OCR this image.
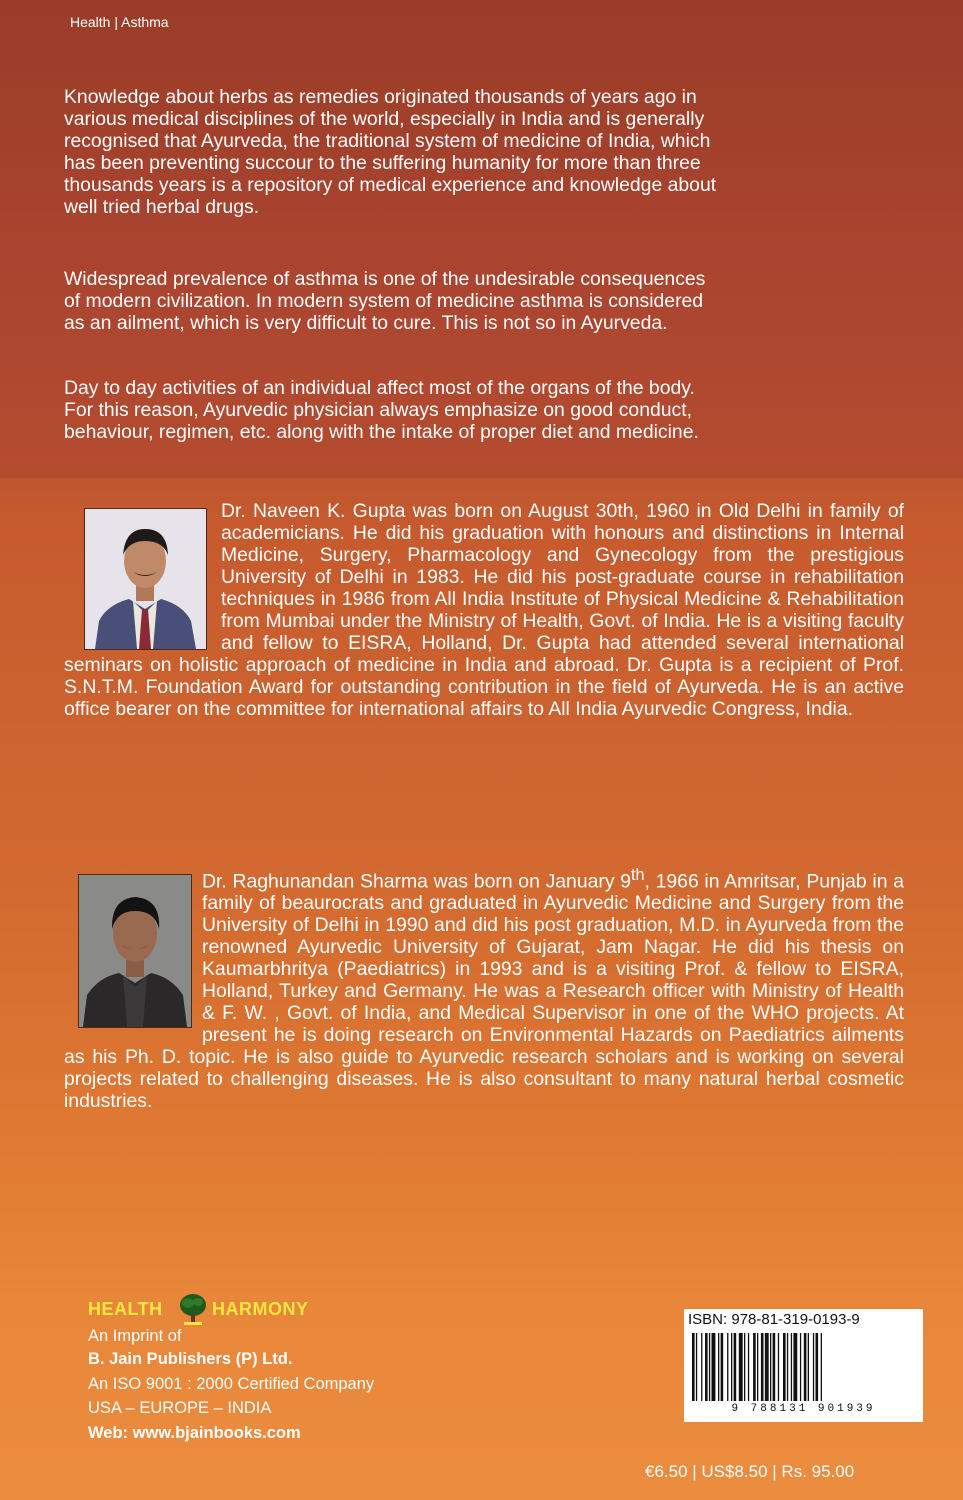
Health | Asthma
Knowledge about herbs as remedies originated thousands of years ago in
various medical disciplines of the world, especially in India and is generally
recognised that Ayurveda, the traditional system of medicine of India, which
has been preventing succour to the suffering humanity for more than three
thousands years is a repository of medical experience and knowledge about
well tried herbal drugs.
Widespread prevalence of asthma is one of the undesirable consequences
of modern civilization. In modern system of medicine asthma is considered
as an ailment, which is very difficult to cure. This is not so in Ayurveda.
Day to day activities of an individual affect most of the organs of the body.
For this reason, Ayurvedic physician always emphasize on good conduct,
behaviour, regimen, etc. along with the intake of proper diet and medicine.
Dr. Naveen K. Gupta was born on August 30th, 1960 in Old Delhi in family of academicians. He did his graduation with honours and distinctions in Internal Medicine, Surgery, Pharmacology and Gynecology from the prestigious University of Delhi in 1983. He did his post-graduate course in rehabilitation techniques in 1986 from All India Institute of Physical Medicine & Rehabilitation from Mumbai under the Ministry of Health, Govt. of India. He is a visiting faculty and fellow to EISRA, Holland, Dr. Gupta had attended several international seminars on holistic approach of medicine in India and abroad. Dr. Gupta is a recipient of Prof. S.N.T.M. Foundation Award for outstanding contribution in the field of Ayurveda. He is an active office bearer on the committee for international affairs to All India Ayurvedic Congress, India.
Dr. Raghunandan Sharma was born on January 9th, 1966 in Amritsar, Punjab in a family of beaurocrats and graduated in Ayurvedic Medicine and Surgery from the University of Delhi in 1990 and did his post graduation, M.D. in Ayurveda from the renowned Ayurvedic University of Gujarat, Jam Nagar. He did his thesis on Kaumarbhritya (Paediatrics) in 1993 and is a visiting Prof. & fellow to EISRA, Holland, Turkey and Germany. He was a Research officer with Ministry of Health & F. W. , Govt. of India, and Medical Supervisor in one of the WHO projects. At present he is doing research on Environmental Hazards on Paediatrics ailments as his Ph. D. topic. He is also guide to Ayurvedic research scholars and is working on several projects related to challenging diseases. He is also consultant to many natural herbal cosmetic industries.
HEALTH	HARMONY
An Imprint of
B. Jain Publishers (P) Ltd.
An ISO 9001 : 2000 Certified Company
USA – EUROPE – INDIA
Web: www.bjainbooks.com
ISBN: 978-81-319-0193-9
9 788131 901939
€6.50 | US$8.50 | Rs. 95.00
